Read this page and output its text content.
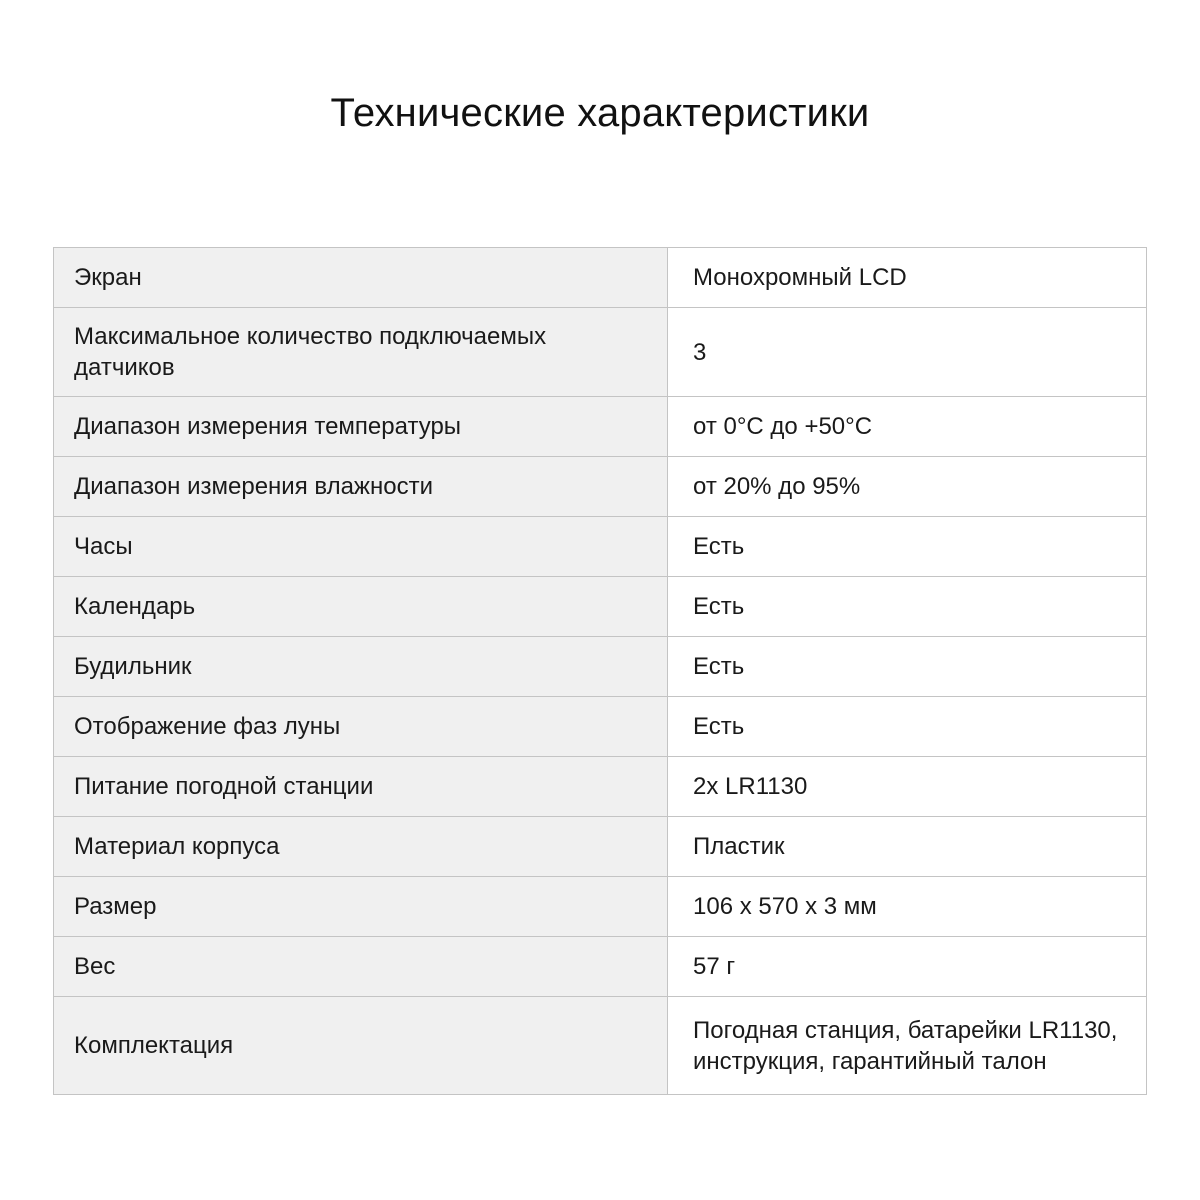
Технические характеристики
Экран	Монохромный LCD
Максимальное количество подключаемых датчиков	3
Диапазон измерения температуры	от 0°C до +50°C
Диапазон измерения влажности	от 20% до 95%
Часы	Есть
Календарь	Есть
Будильник	Есть
Отображение фаз луны	Есть
Питание погодной станции	2x LR1130
Материал корпуса	Пластик
Размер	106 x 570 x 3 мм
Вес	57 г
Комплектация	Погодная станция, батарейки LR1130, инструкция, гарантийный талон
